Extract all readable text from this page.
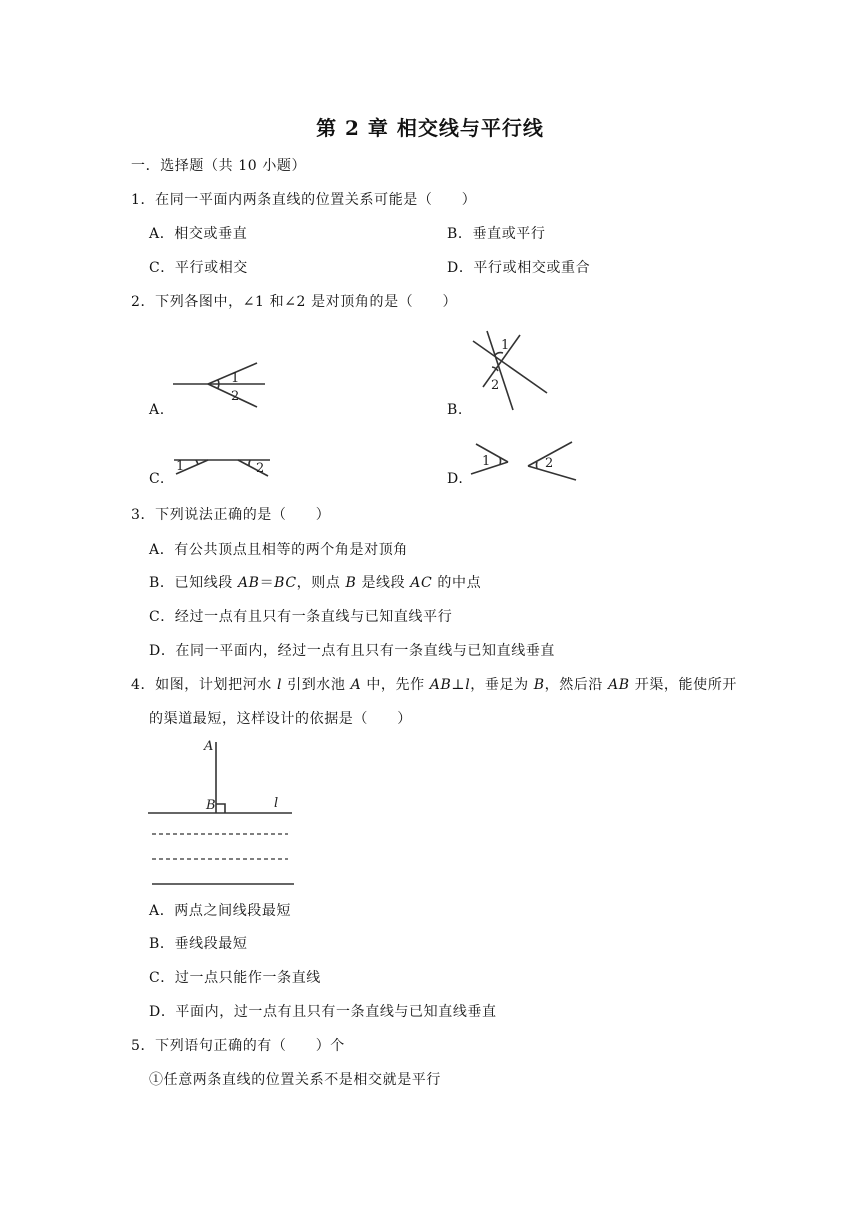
第 2 章 相交线与平行线
一．选择题（共 10 小题）
1．在同一平面内两条直线的位置关系可能是（　　）
A．相交或垂直	B．垂直或平行
C．平行或相交	D．平行或相交或重合
2．下列各图中，∠1 和∠2 是对顶角的是（　　）
A.
1
2
B.
1
2
C.
1	2
D.
1	2
3．下列说法正确的是（　　）
A．有公共顶点且相等的两个角是对顶角
B．已知线段 AB＝BC，则点 B 是线段 AC 的中点
C．经过一点有且只有一条直线与已知直线平行
D．在同一平面内，经过一点有且只有一条直线与已知直线垂直
4．如图，计划把河水 l 引到水池 A 中，先作 AB⊥l，垂足为 B，然后沿 AB 开渠，能使所开
的渠道最短，这样设计的依据是（　　）
A
B	l
A．两点之间线段最短
B．垂线段最短
C．过一点只能作一条直线
D．平面内，过一点有且只有一条直线与已知直线垂直
5．下列语句正确的有（　　）个
①任意两条直线的位置关系不是相交就是平行
